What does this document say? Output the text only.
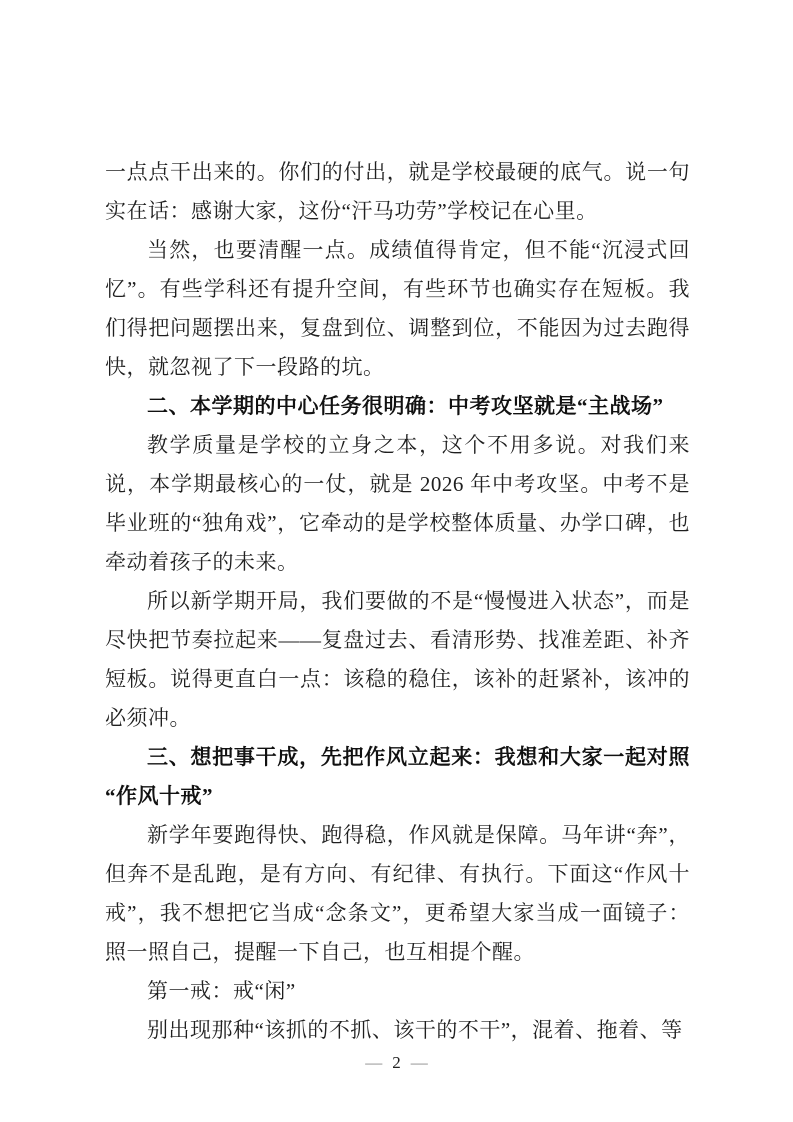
一点点干出来的。你们的付出，就是学校最硬的底气。说一句实在话：感谢大家，这份“汗马功劳”学校记在心里。

当然，也要清醒一点。成绩值得肯定，但不能“沉浸式回忆”。有些学科还有提升空间，有些环节也确实存在短板。我们得把问题摆出来，复盘到位、调整到位，不能因为过去跑得快，就忽视了下一段路的坑。

二、本学期的中心任务很明确：中考攻坚就是“主战场”

教学质量是学校的立身之本，这个不用多说。对我们来说，本学期最核心的一仗，就是 2026 年中考攻坚。中考不是毕业班的“独角戏”，它牵动的是学校整体质量、办学口碑，也牵动着孩子的未来。

所以新学期开局，我们要做的不是“慢慢进入状态”，而是尽快把节奏拉起来——复盘过去、看清形势、找准差距、补齐短板。说得更直白一点：该稳的稳住，该补的赶紧补，该冲的必须冲。

三、想把事干成，先把作风立起来：我想和大家一起对照“作风十戒”

新学年要跑得快、跑得稳，作风就是保障。马年讲“奔”，但奔不是乱跑，是有方向、有纪律、有执行。下面这“作风十戒”，我不想把它当成“念条文”，更希望大家当成一面镜子：照一照自己，提醒一下自己，也互相提个醒。

第一戒：戒“闲”

别出现那种“该抓的不抓、该干的不干”，混着、拖着、等

— 2 —
